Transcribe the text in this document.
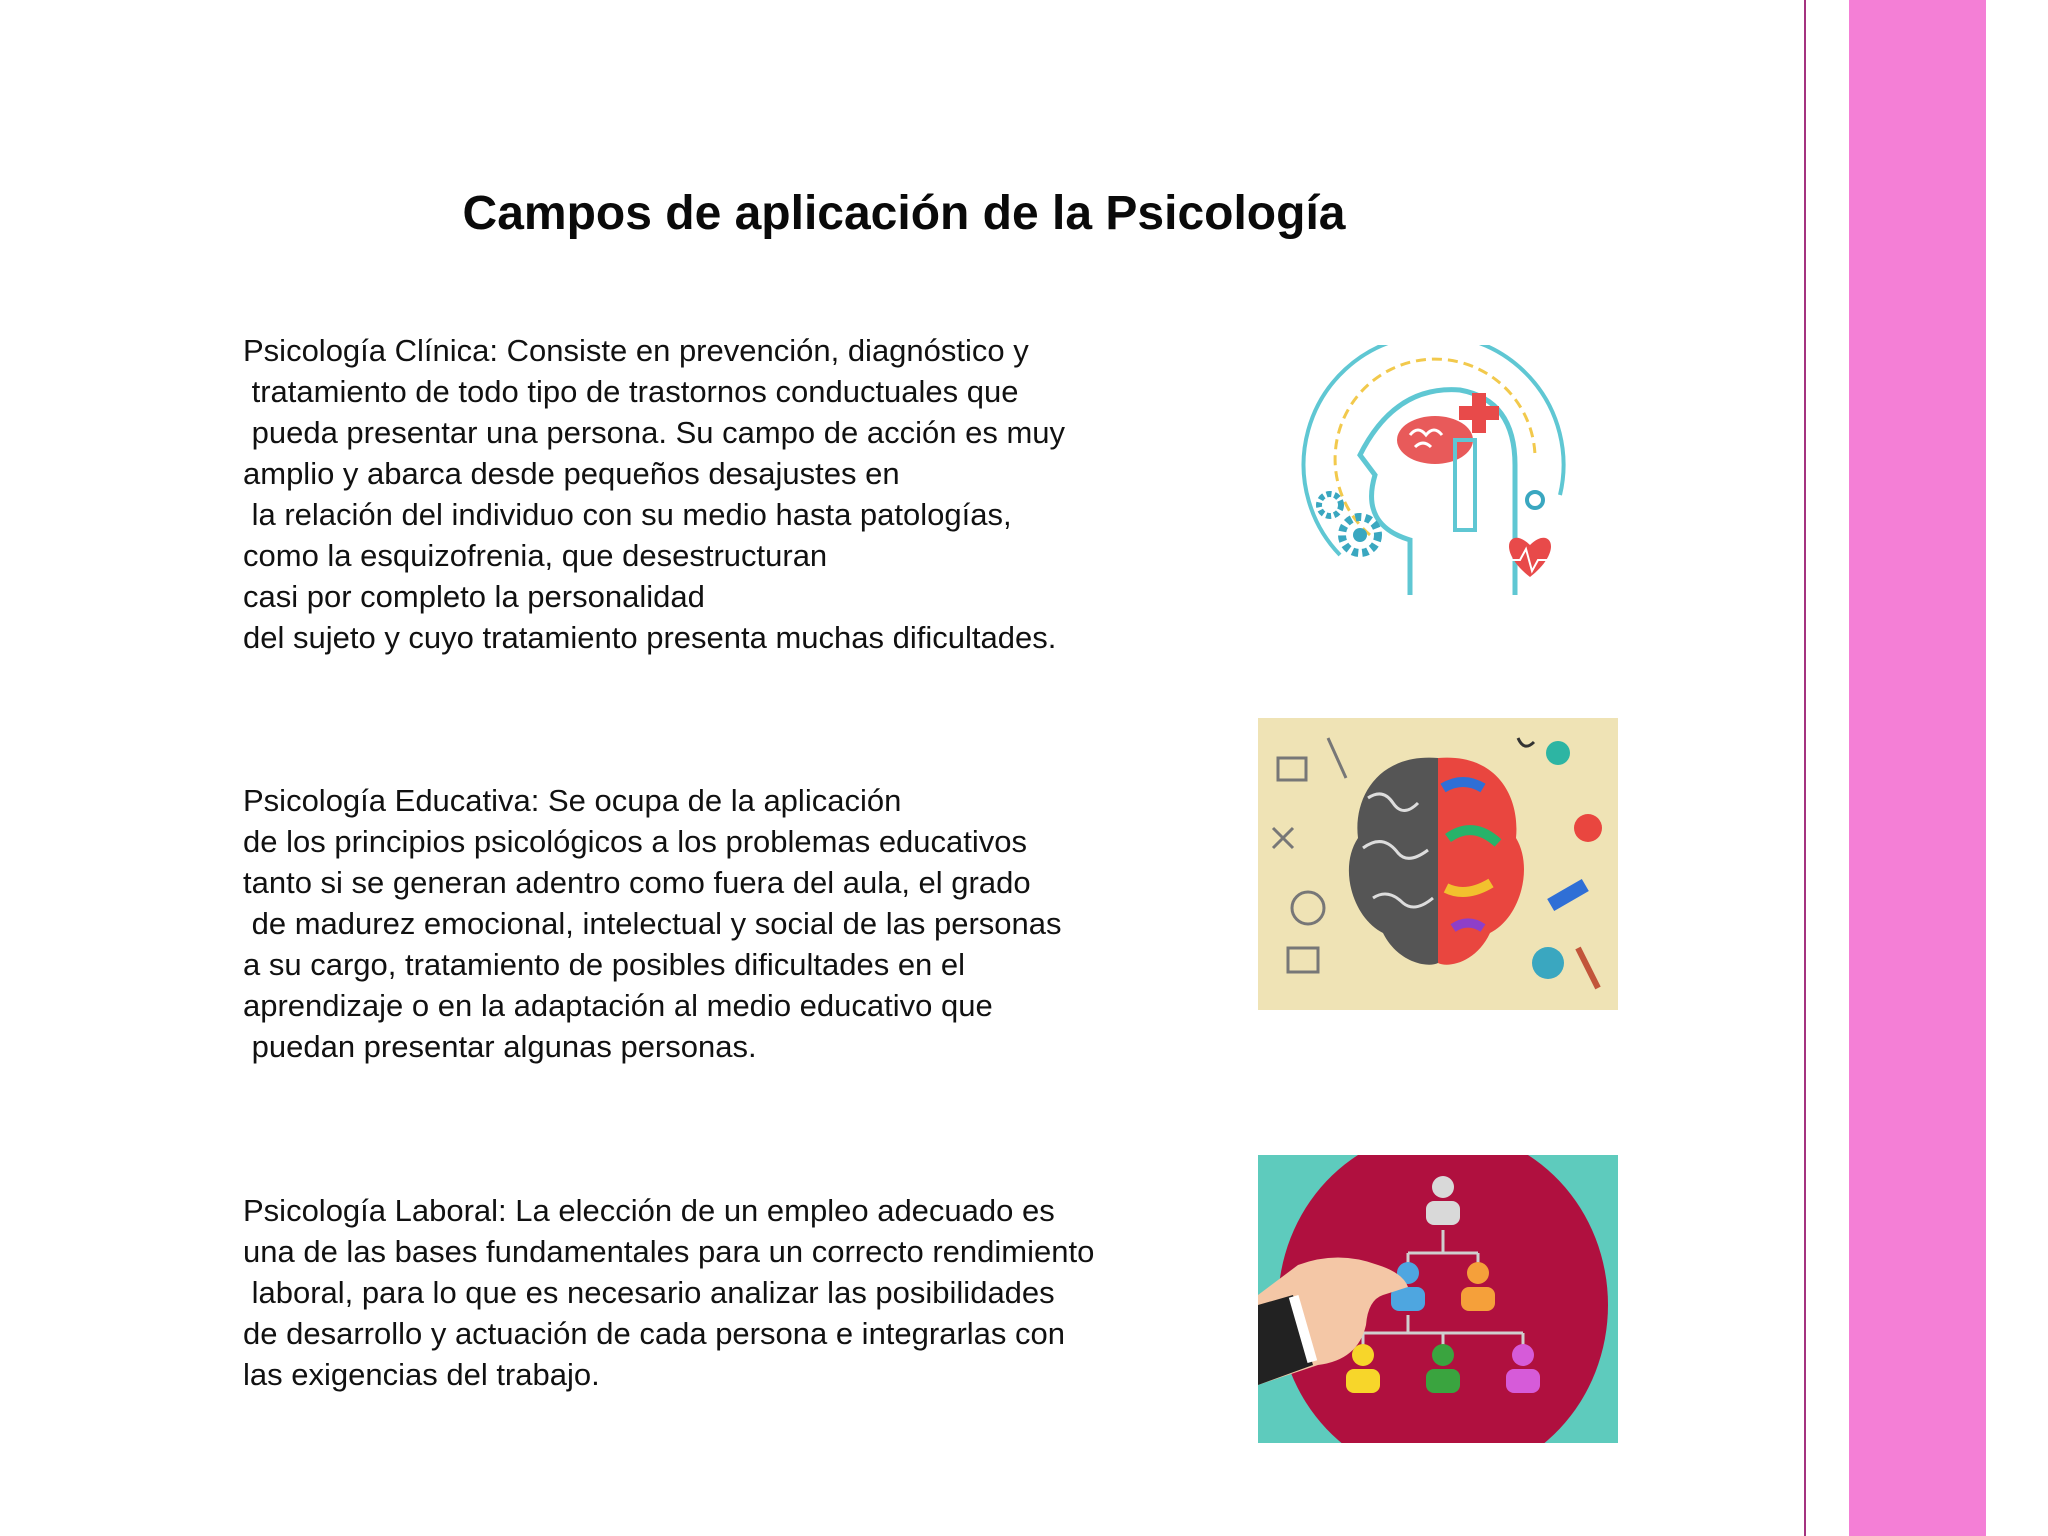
Campos de aplicación de la Psicología
Psicología Clínica: Consiste en prevención, diagnóstico y
tratamiento de todo tipo de trastornos conductuales que
pueda presentar una persona. Su campo de acción es muy
amplio y abarca desde pequeños desajustes en
la relación del individuo con su medio hasta patologías,
como la esquizofrenia, que desestructuran
casi por completo la personalidad
del sujeto y cuyo tratamiento presenta muchas dificultades.
Psicología Educativa: Se ocupa de la aplicación
de los principios psicológicos a los problemas educativos
tanto si se generan adentro como fuera del aula, el grado
de madurez emocional, intelectual y social de las personas
a su cargo, tratamiento de posibles dificultades en el
aprendizaje o en la adaptación al medio educativo que
puedan presentar algunas personas.
Psicología Laboral: La elección de un empleo adecuado es
una de las bases fundamentales para un correcto rendimiento
laboral, para lo que es necesario analizar las posibilidades
de desarrollo y actuación de cada persona e integrarlas con
las exigencias del trabajo.
